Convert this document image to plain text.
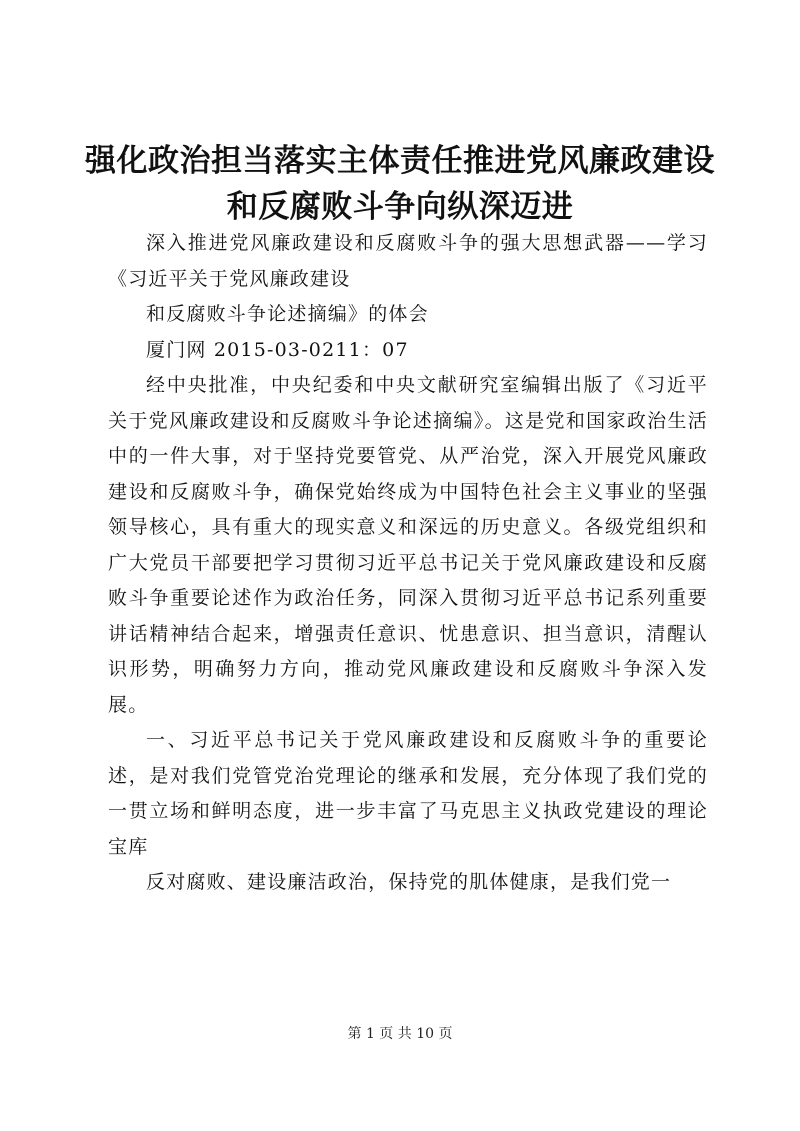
强化政治担当落实主体责任推进党风廉政建设
和反腐败斗争向纵深迈进

深入推进党风廉政建设和反腐败斗争的强大思想武器——学习《习近平关于党风廉政建设

和反腐败斗争论述摘编》的体会

厦门网 2015-03-0211：07

经中央批准，中央纪委和中央文献研究室编辑出版了《习近平关于党风廉政建设和反腐败斗争论述摘编》。这是党和国家政治生活中的一件大事，对于坚持党要管党、从严治党，深入开展党风廉政建设和反腐败斗争，确保党始终成为中国特色社会主义事业的坚强领导核心，具有重大的现实意义和深远的历史意义。各级党组织和广大党员干部要把学习贯彻习近平总书记关于党风廉政建设和反腐败斗争重要论述作为政治任务，同深入贯彻习近平总书记系列重要讲话精神结合起来，增强责任意识、忧患意识、担当意识，清醒认识形势，明确努力方向，推动党风廉政建设和反腐败斗争深入发展。

一、习近平总书记关于党风廉政建设和反腐败斗争的重要论述，是对我们党管党治党理论的继承和发展，充分体现了我们党的一贯立场和鲜明态度，进一步丰富了马克思主义执政党建设的理论宝库

反对腐败、建设廉洁政治，保持党的肌体健康，是我们党一

第 1 页 共 10 页
